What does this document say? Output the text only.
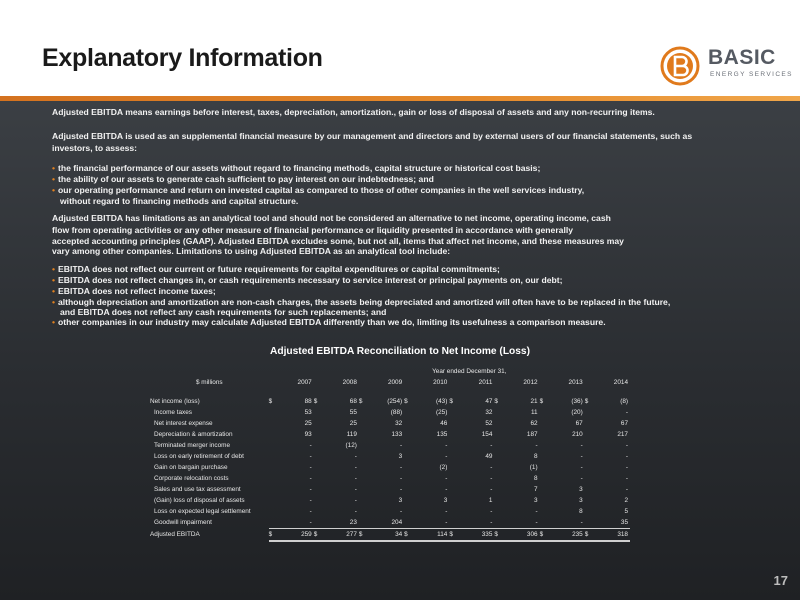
Explanatory Information	BASIC
ENERGY SERVICES
Adjusted EBITDA means earnings before interest, taxes, depreciation, amortization., gain or loss of disposal of assets and any non-recurring items.
Adjusted EBITDA is used as an supplemental financial measure by our management and directors and by external users of our financial statements, such as
investors, to assess:
• the financial performance of our assets without regard to financing methods, capital structure or historical cost basis;
• the ability of our assets to generate cash sufficient to pay interest on our indebtedness; and
• our operating performance and return on invested capital as compared to those of other companies in the well services industry,
without regard to financing methods and capital structure.
Adjusted EBITDA has limitations as an analytical tool and should not be considered an alternative to net income, operating income, cash
flow from operating activities or any other measure of financial performance or liquidity presented in accordance with generally
accepted accounting principles (GAAP). Adjusted EBITDA excludes some, but not all, items that affect net income, and these measures may
vary among other companies. Limitations to using Adjusted EBITDA as an analytical tool include:
• EBITDA does not reflect our current or future requirements for capital expenditures or capital commitments;
• EBITDA does not reflect changes in, or cash requirements necessary to service interest or principal payments on, our debt;
• EBITDA does not reflect income taxes;
• although depreciation and amortization are non-cash charges, the assets being depreciated and amortized will often have to be replaced in the future,
and EBITDA does not reflect any cash requirements for such replacements; and
• other companies in our industry may calculate Adjusted EBITDA differently than we do, limiting its usefulness a comparison measure.
Adjusted EBITDA Reconciliation to Net Income (Loss)
	Year ended December 31,															
$ millions		2007		2008		2009		2010		2011		2012		2013		2014

Net income (loss)	$	88	$	68	$	(254)	$	(43)	$	47	$	21	$	(36)	$	(8)
Income taxes		53		55		(88)		(25)		32		11		(20)		-
Net interest expense		25		25		32		46		52		62		67		67
Depreciation & amortization		93		119		133		135		154		187		210		217
Terminated merger income		-		(12)		-		-		-		-		-		-
Loss on early retirement of debt		-		-		3		-		49		8		-		-
Gain on bargain purchase		-		-		-		(2)		-		(1)		-		-
Corporate relocation costs		-		-		-		-		-		8		-		-
Sales and use tax assessment		-		-		-		-		-		7		3		-
(Gain) loss of disposal of assets		-		-		3		3		1		3		3		2
Loss on expected legal settlement		-		-		-		-		-		-		8		5
Goodwill impairment		-		23		204		-		-		-		-		35
Adjusted EBITDA	$	259	$	277	$	34	$	114	$	335	$	306	$	235	$	318
17
